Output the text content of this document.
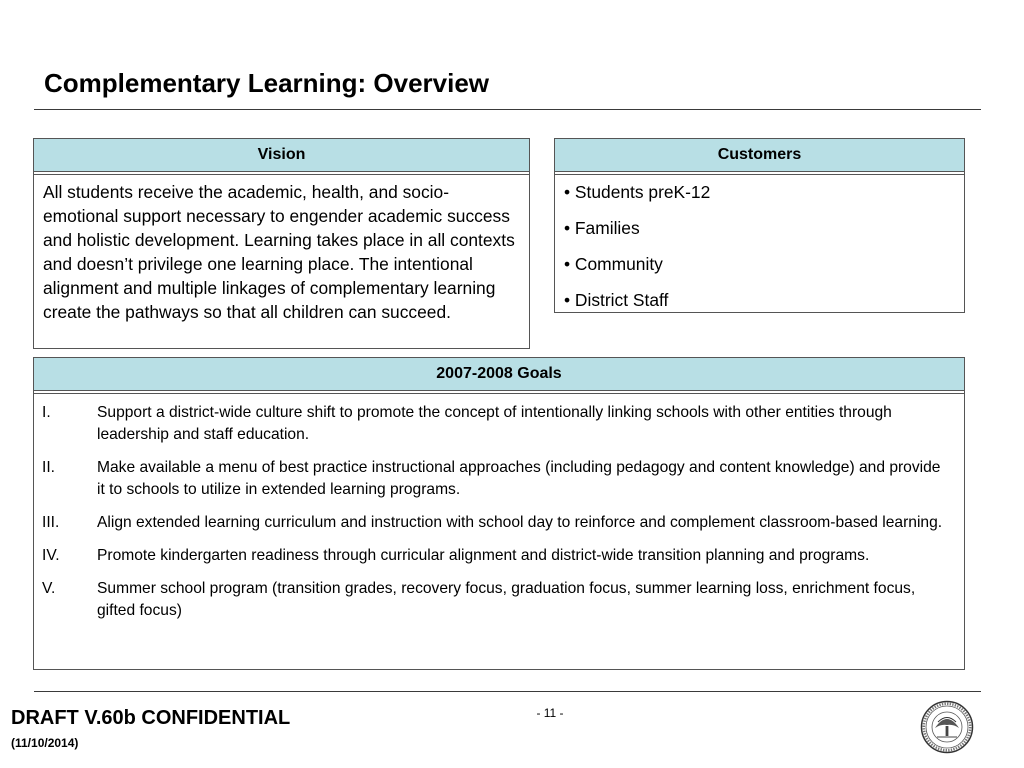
Complementary Learning: Overview
Vision
All students receive the academic, health, and socio-emotional support necessary to engender academic success and holistic development. Learning takes place in all contexts and doesn’t privilege one learning place. The intentional alignment and multiple linkages of complementary learning create the pathways so that all children can succeed.
Customers
• Students preK-12
• Families
• Community
• District Staff
2007-2008 Goals
I.	Support a district-wide culture shift to promote the concept of intentionally linking schools with other entities through leadership and staff education.
II.	Make available a menu of best practice instructional approaches (including pedagogy and content knowledge) and provide it to schools to utilize in extended learning programs.
III.	Align extended learning curriculum and instruction with school day to reinforce and complement classroom-based learning.
IV.	Promote kindergarten readiness through curricular alignment and district-wide transition planning and programs.
V.	Summer school program (transition grades, recovery focus, graduation focus, summer learning loss, enrichment focus, gifted focus)
DRAFT V.60b CONFIDENTIAL
(11/10/2014)
- 11 -
